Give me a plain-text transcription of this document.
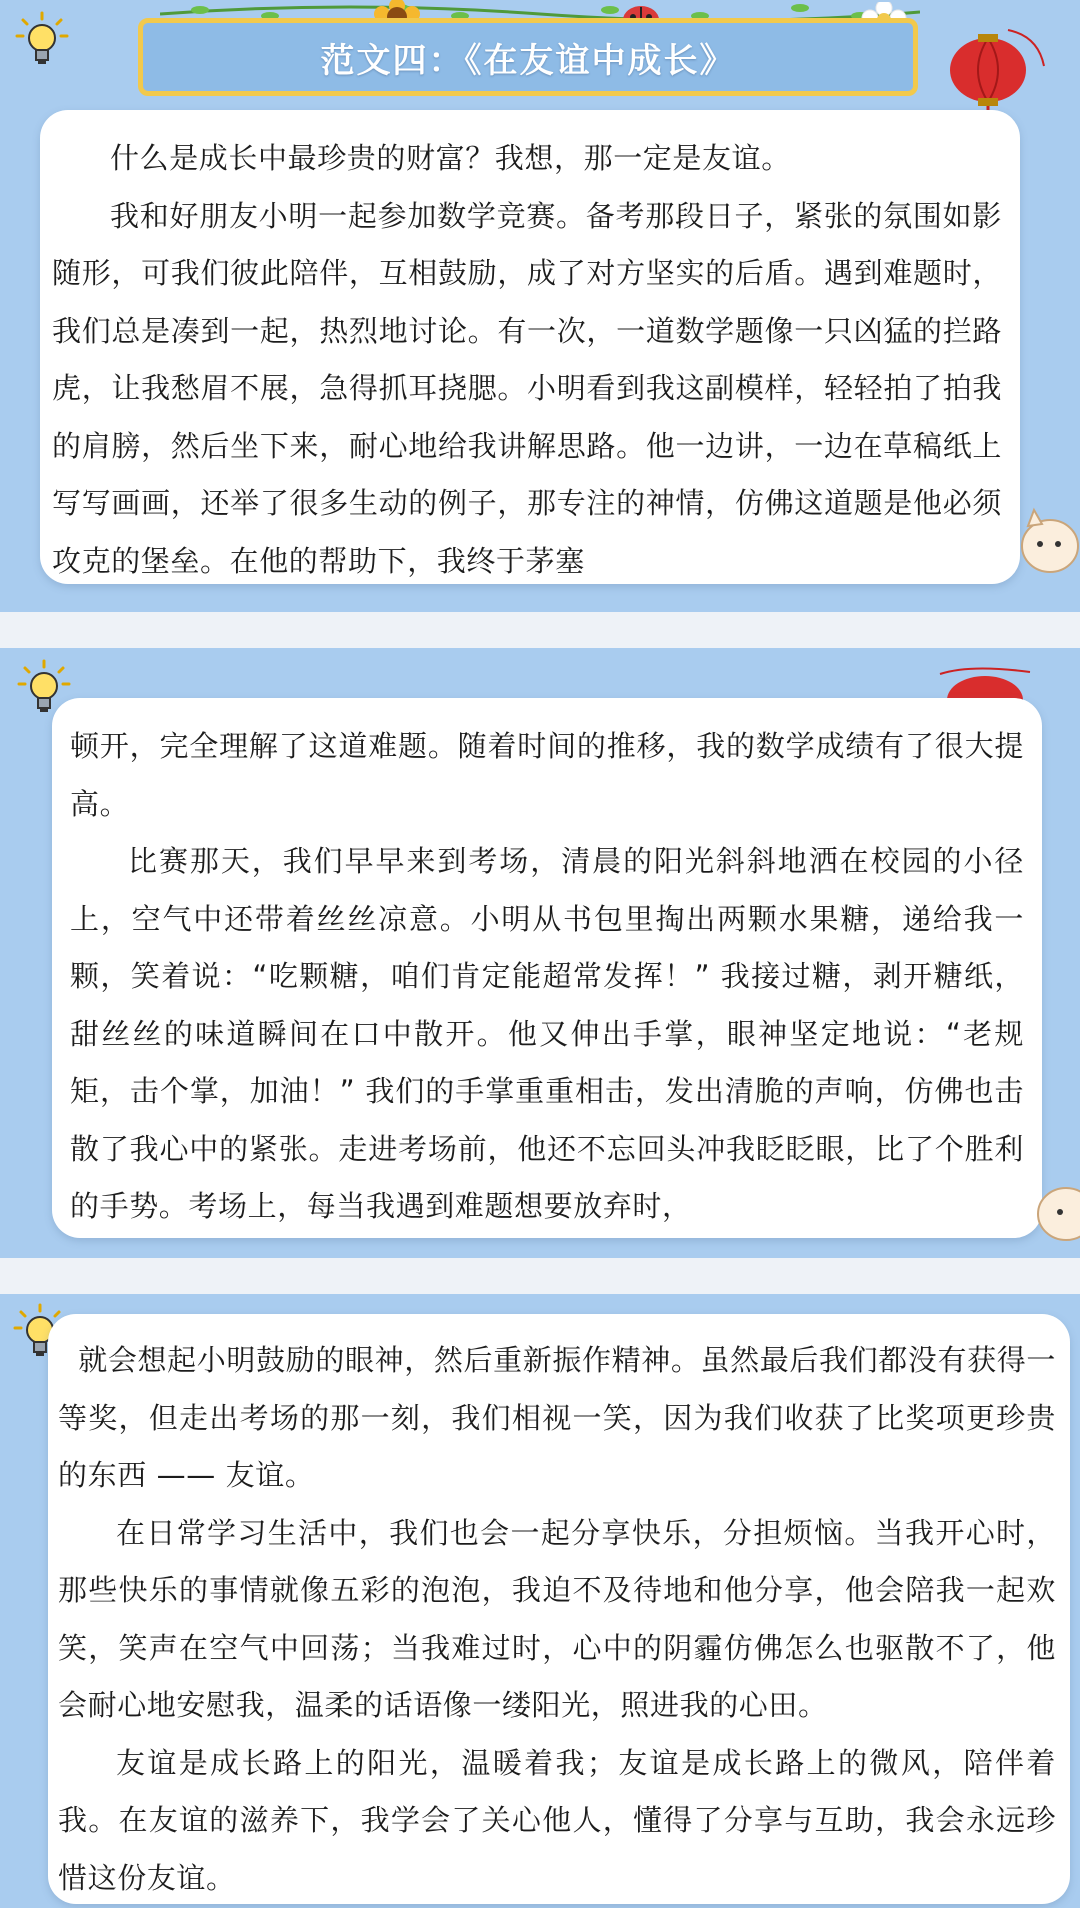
范文四：《在友谊中成长》

什么是成长中最珍贵的财富？我想，那一定是友谊。

我和好朋友小明一起参加数学竞赛。备考那段日子，紧张的氛围如影随形，可我们彼此陪伴，互相鼓励，成了对方坚实的后盾。遇到难题时，我们总是凑到一起，热烈地讨论。有一次，一道数学题像一只凶猛的拦路虎，让我愁眉不展，急得抓耳挠腮。小明看到我这副模样，轻轻拍了拍我的肩膀，然后坐下来，耐心地给我讲解思路。他一边讲，一边在草稿纸上写写画画，还举了很多生动的例子，那专注的神情，仿佛这道题是他必须攻克的堡垒。在他的帮助下，我终于茅塞

顿开，完全理解了这道难题。随着时间的推移，我的数学成绩有了很大提高。

比赛那天，我们早早来到考场，清晨的阳光斜斜地洒在校园的小径上，空气中还带着丝丝凉意。小明从书包里掏出两颗水果糖，递给我一颗，笑着说：“吃颗糖，咱们肯定能超常发挥！” 我接过糖，剥开糖纸，甜丝丝的味道瞬间在口中散开。他又伸出手掌，眼神坚定地说：“老规矩，击个掌，加油！” 我们的手掌重重相击，发出清脆的声响，仿佛也击散了我心中的紧张。走进考场前，他还不忘回头冲我眨眨眼，比了个胜利的手势。考场上，每当我遇到难题想要放弃时，

就会想起小明鼓励的眼神，然后重新振作精神。虽然最后我们都没有获得一等奖，但走出考场的那一刻，我们相视一笑，因为我们收获了比奖项更珍贵的东西 —— 友谊。

在日常学习生活中，我们也会一起分享快乐，分担烦恼。当我开心时，那些快乐的事情就像五彩的泡泡，我迫不及待地和他分享，他会陪我一起欢笑，笑声在空气中回荡；当我难过时，心中的阴霾仿佛怎么也驱散不了，他会耐心地安慰我，温柔的话语像一缕阳光，照进我的心田。

友谊是成长路上的阳光，温暖着我；友谊是成长路上的微风，陪伴着我。在友谊的滋养下，我学会了关心他人，懂得了分享与互助，我会永远珍惜这份友谊。
